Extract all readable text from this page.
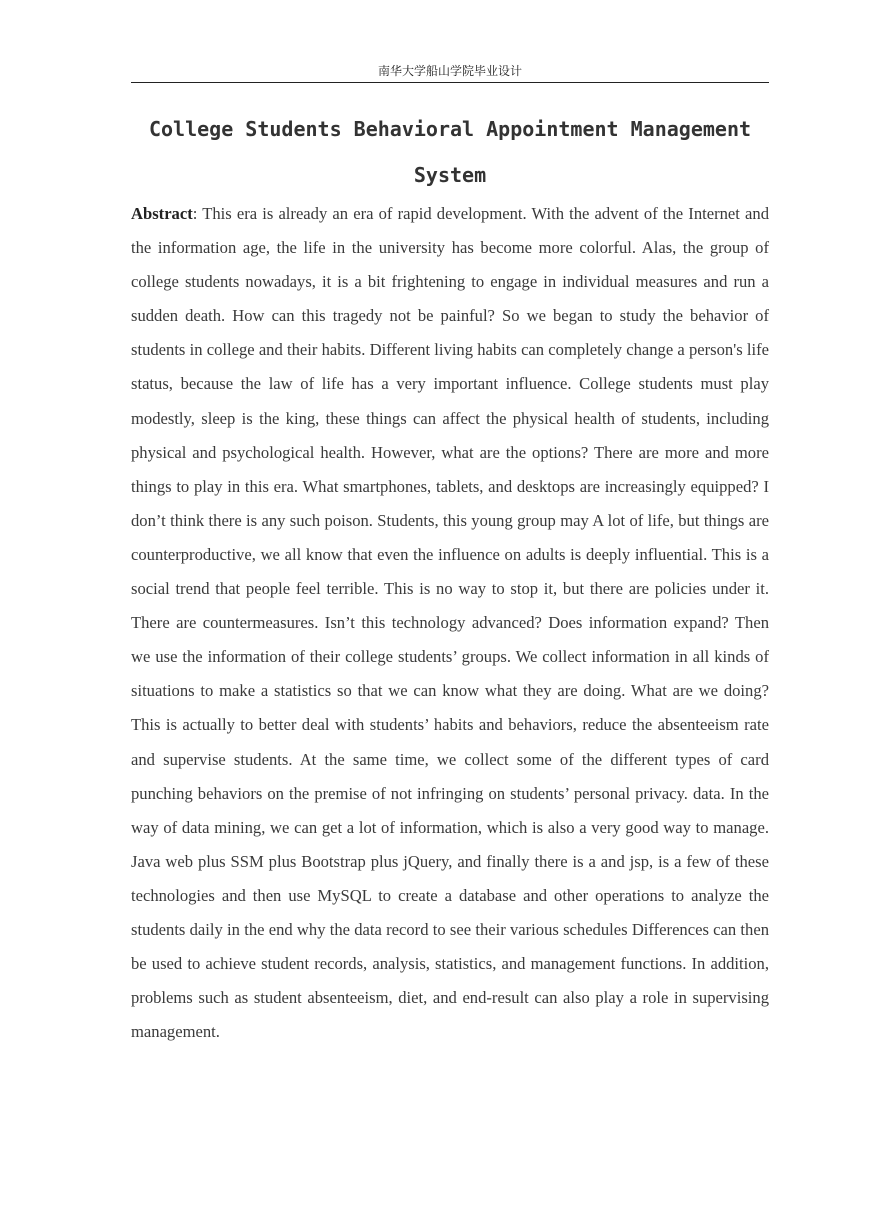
南华大学船山学院毕业设计
College Students Behavioral Appointment Management
System

Abstract: This era is already an era of rapid development. With the advent of the Internet and the information age, the life in the university has become more colorful. Alas, the group of college students nowadays, it is a bit frightening to engage in individual measures and run a sudden death. How can this tragedy not be painful? So we began to study the behavior of students in college and their habits. Different living habits can completely change a person's life status, because the law of life has a very important influence. College students must play modestly, sleep is the king, these things can affect the physical health of students, including physical and psychological health. However, what are the options? There are more and more things to play in this era. What smartphones, tablets, and desktops are increasingly equipped? I don’t think there is any such poison. Students, this young group may A lot of life, but things are counterproductive, we all know that even the influence on adults is deeply influential. This is a social trend that people feel terrible. This is no way to stop it, but there are policies under it. There are countermeasures. Isn’t this technology advanced? Does information expand? Then we use the information of their college students’ groups. We collect information in all kinds of situations to make a statistics so that we can know what they are doing. What are we doing? This is actually to better deal with students’ habits and behaviors, reduce the absenteeism rate and supervise students. At the same time, we collect some of the different types of card punching behaviors on the premise of not infringing on students’ personal privacy. data. In the way of data mining, we can get a lot of information, which is also a very good way to manage. Java web plus SSM plus Bootstrap plus jQuery, and finally there is a and jsp, is a few of these technologies and then use MySQL to create a database and other operations to analyze the students daily in the end why the data record to see their various schedules Differences can then be used to achieve student records, analysis, statistics, and management functions. In addition, problems such as student absenteeism, diet, and end-result can also play a role in supervising management.
